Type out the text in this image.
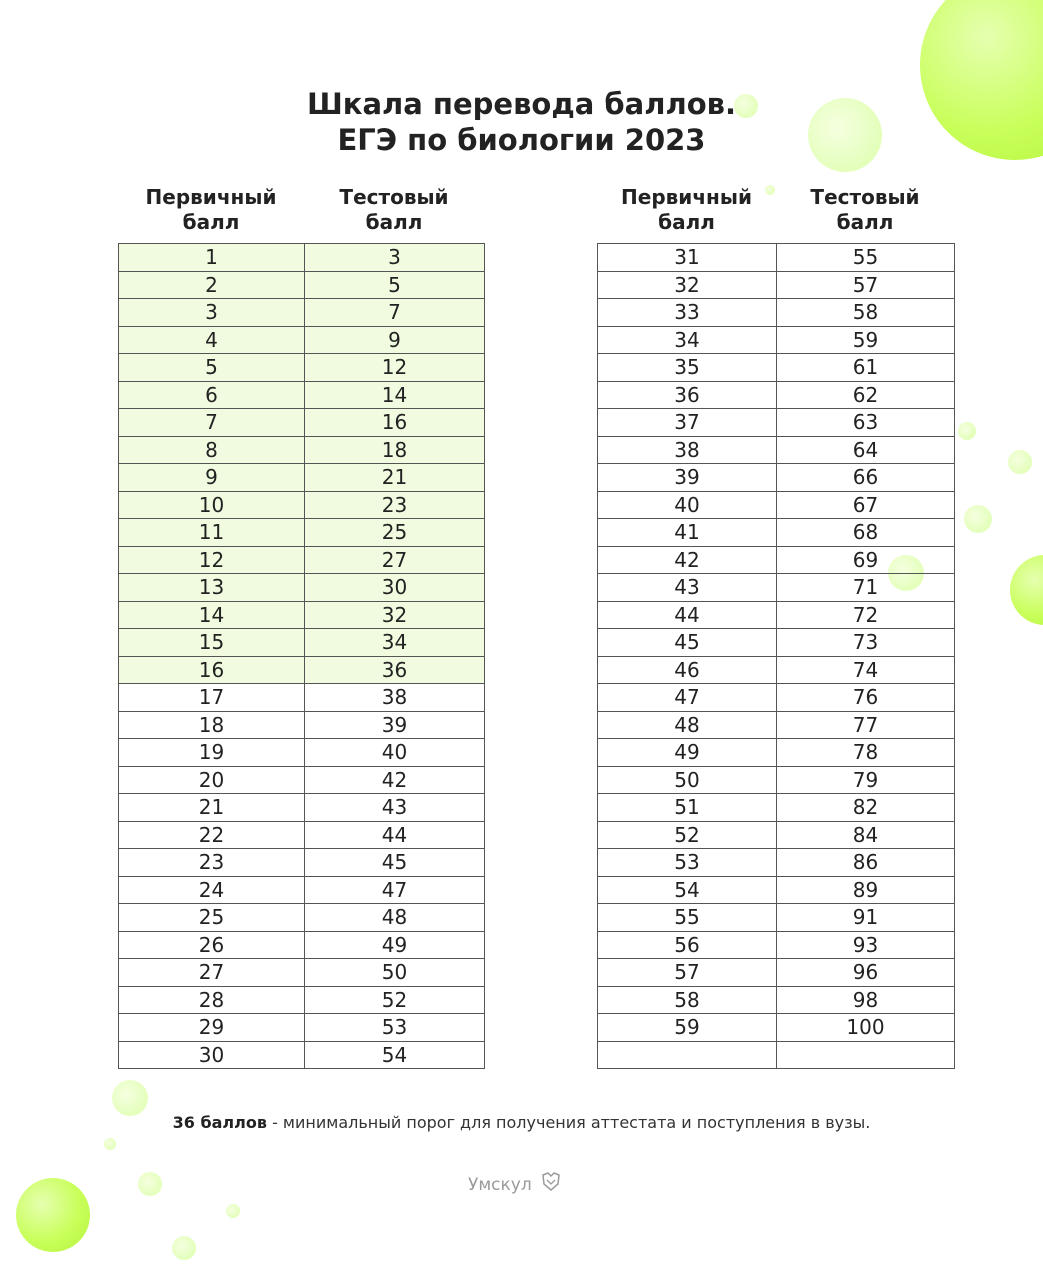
Шкала перевода баллов.
ЕГЭ по биологии 2023
Первичный
балл
Тестовый
балл
Первичный
балл
Тестовый
балл
1	3
2	5
3	7
4	9
5	12
6	14
7	16
8	18
9	21
10	23
11	25
12	27
13	30
14	32
15	34
16	36
17	38
18	39
19	40
20	42
21	43
22	44
23	45
24	47
25	48
26	49
27	50
28	52
29	53
30	54
31	55
32	57
33	58
34	59
35	61
36	62
37	63
38	64
39	66
40	67
41	68
42	69
43	71
44	72
45	73
46	74
47	76
48	77
49	78
50	79
51	82
52	84
53	86
54	89
55	91
56	93
57	96
58	98
59	100

36 баллов - минимальный порог для получения аттестата и поступления в вузы.
Умскул
